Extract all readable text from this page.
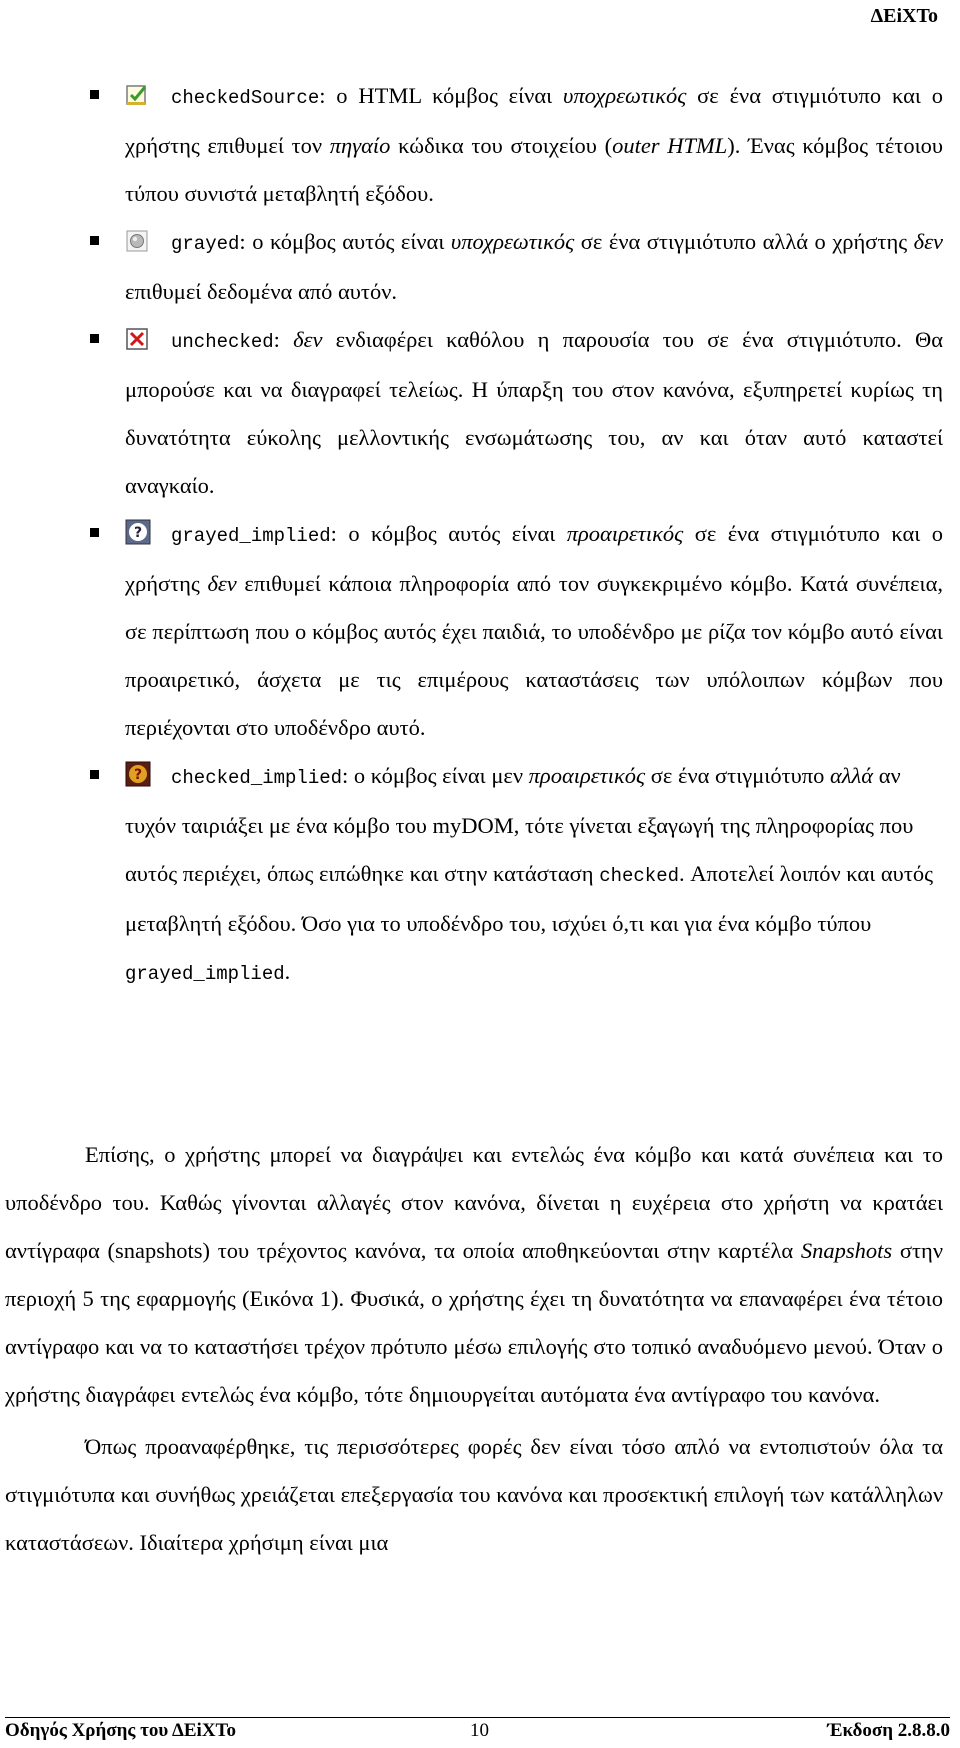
ΔΕiΧΤο

checkedSource: ο HTML κόμβος είναι υποχρεωτικός σε ένα στιγμιότυπο και ο χρήστης επιθυμεί τον πηγαίο κώδικα του στοιχείου (outer HTML). Ένας κόμβος τέτοιου τύπου συνιστά μεταβλητή εξόδου.

grayed: ο κόμβος αυτός είναι υποχρεωτικός σε ένα στιγμιότυπο αλλά ο χρήστης δεν επιθυμεί δεδομένα από αυτόν.

unchecked: δεν ενδιαφέρει καθόλου η παρουσία του σε ένα στιγμιότυπο. Θα μπορούσε και να διαγραφεί τελείως. Η ύπαρξη του στον κανόνα, εξυπηρετεί κυρίως τη δυνατότητα εύκολης μελλοντικής ενσωμάτωσης του, αν και όταν αυτό καταστεί αναγκαίο.

? grayed_implied: ο κόμβος αυτός είναι προαιρετικός σε ένα στιγμιότυπο και ο χρήστης δεν επιθυμεί κάποια πληροφορία από τον συγκεκριμένο κόμβο. Κατά συνέπεια, σε περίπτωση που ο κόμβος αυτός έχει παιδιά, το υποδένδρο με ρίζα τον κόμβο αυτό είναι προαιρετικό, άσχετα με τις επιμέρους καταστάσεις των υπόλοιπων κόμβων που περιέχονται στο υποδένδρο αυτό.

? checked_implied: ο κόμβος είναι μεν προαιρετικός σε ένα στιγμιότυπο αλλά αν τυχόν ταιριάξει με ένα κόμβο του myDOM, τότε γίνεται εξαγωγή της πληροφορίας που αυτός περιέχει, όπως ειπώθηκε και στην κατάσταση checked. Αποτελεί λοιπόν και αυτός μεταβλητή εξόδου. Όσο για το υποδένδρο του, ισχύει ό,τι και για ένα κόμβο τύπου grayed_implied.

Επίσης, ο χρήστης μπορεί να διαγράψει και εντελώς ένα κόμβο και κατά συνέπεια και το υποδένδρο του. Καθώς γίνονται αλλαγές στον κανόνα, δίνεται η ευχέρεια στο χρήστη να κρατάει αντίγραφα (snapshots) του τρέχοντος κανόνα, τα οποία αποθηκεύονται στην καρτέλα Snapshots στην περιοχή 5 της εφαρμογής (Εικόνα 1). Φυσικά, ο χρήστης έχει τη δυνατότητα να επαναφέρει ένα τέτοιο αντίγραφο και να το καταστήσει τρέχον πρότυπο μέσω επιλογής στο τοπικό αναδυόμενο μενού. Όταν ο χρήστης διαγράφει εντελώς ένα κόμβο, τότε δημιουργείται αυτόματα ένα αντίγραφο του κανόνα.

Όπως προαναφέρθηκε, τις περισσότερες φορές δεν είναι τόσο απλό να εντοπιστούν όλα τα στιγμιότυπα και συνήθως χρειάζεται επεξεργασία του κανόνα και προσεκτική επιλογή των κατάλληλων καταστάσεων. Ιδιαίτερα χρήσιμη είναι μια

Οδηγός Χρήσης του ΔΕiΧΤο	10	Έκδοση 2.8.8.0
